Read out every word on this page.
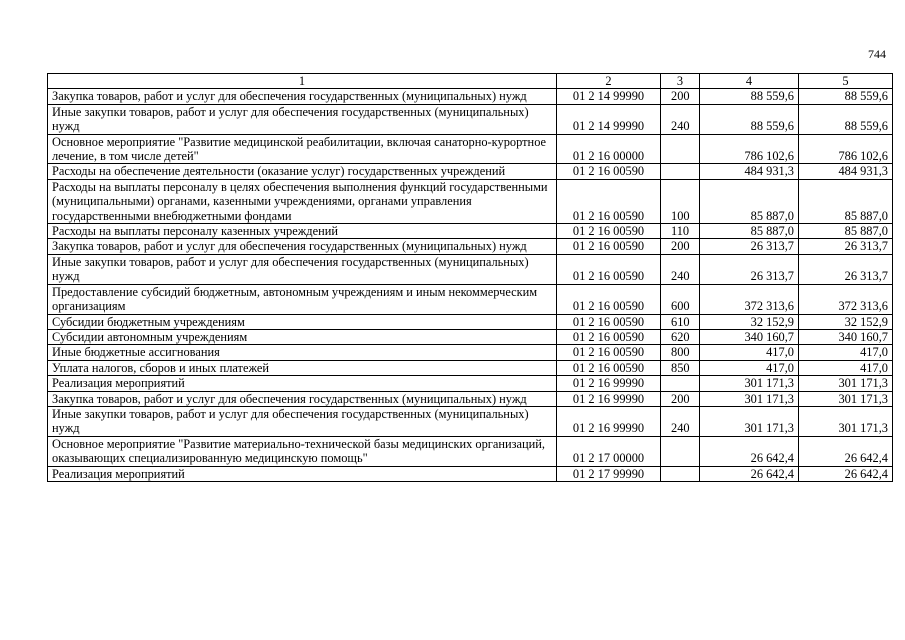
744
1	2	3	4	5
Закупка товаров, работ и услуг для обеспечения государственных (муниципальных) нужд	01 2 14 99990	200	88 559,6	88 559,6
Иные закупки товаров, работ и услуг для обеспечения государственных (муниципальных) нужд	01 2 14 99990	240	88 559,6	88 559,6
Основное мероприятие "Развитие медицинской реабилитации, включая санаторно-курортное лечение, в том числе детей"	01 2 16 00000		786 102,6	786 102,6
Расходы на обеспечение деятельности (оказание услуг) государственных учреждений	01 2 16 00590		484 931,3	484 931,3
Расходы на выплаты персоналу в целях обеспечения выполнения функций государственными (муниципальными) органами, казенными учреждениями, органами управления государственными внебюджетными фондами	01 2 16 00590	100	85 887,0	85 887,0
Расходы на выплаты персоналу казенных учреждений	01 2 16 00590	110	85 887,0	85 887,0
Закупка товаров, работ и услуг для обеспечения государственных (муниципальных) нужд	01 2 16 00590	200	26 313,7	26 313,7
Иные закупки товаров, работ и услуг для обеспечения государственных (муниципальных) нужд	01 2 16 00590	240	26 313,7	26 313,7
Предоставление субсидий бюджетным, автономным учреждениям и иным некоммерческим организациям	01 2 16 00590	600	372 313,6	372 313,6
Субсидии бюджетным учреждениям	01 2 16 00590	610	32 152,9	32 152,9
Субсидии автономным учреждениям	01 2 16 00590	620	340 160,7	340 160,7
Иные бюджетные ассигнования	01 2 16 00590	800	417,0	417,0
Уплата налогов, сборов и иных платежей	01 2 16 00590	850	417,0	417,0
Реализация мероприятий	01 2 16 99990		301 171,3	301 171,3
Закупка товаров, работ и услуг для обеспечения государственных (муниципальных) нужд	01 2 16 99990	200	301 171,3	301 171,3
Иные закупки товаров, работ и услуг для обеспечения государственных (муниципальных) нужд	01 2 16 99990	240	301 171,3	301 171,3
Основное мероприятие "Развитие материально-технической базы медицинских организаций, оказывающих специализированную медицинскую помощь"	01 2 17 00000		26 642,4	26 642,4
Реализация мероприятий	01 2 17 99990		26 642,4	26 642,4
